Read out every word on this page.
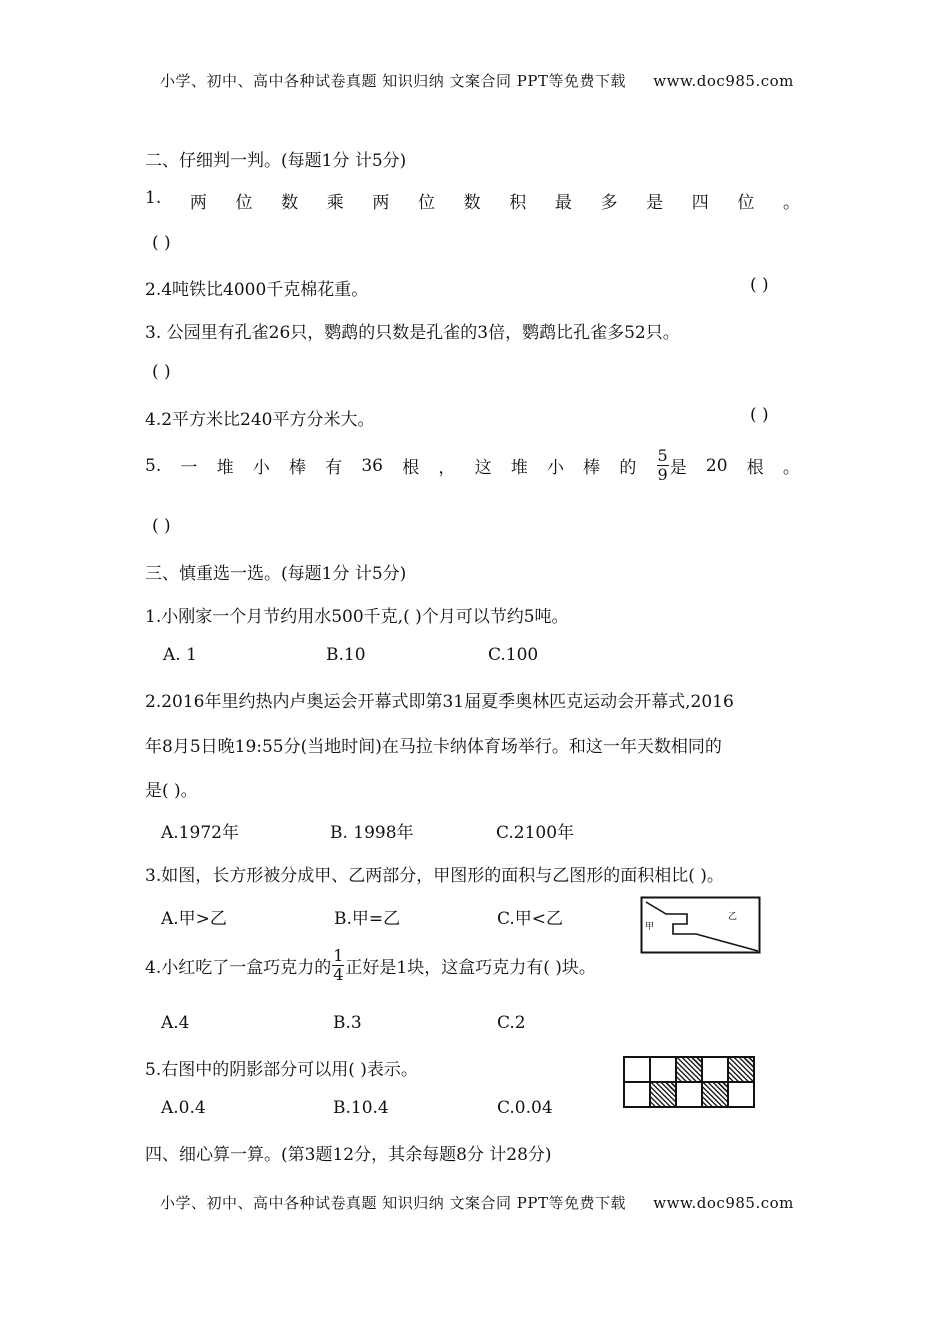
小学、初中、高中各种试卷真题 知识归纳 文案合同 PPT等免费下载 www.doc985.com
二、仔细判一判。(每题1分 计5分)
1. 两 位 数 乘 两 位 数 积 最 多 是 四 位 。
( )
2.4吨铁比4000千克棉花重。	( )
3. 公园里有孔雀26只，鹦鹉的只数是孔雀的3倍，鹦鹉比孔雀多52只。
( )
4.2平方米比240平方分米大。	( )
5. 一 堆 小 棒 有 36 根 ， 这 堆 小 棒 的 $\frac{5}{9}$ 是 20 根 。
( )
三、慎重选一选。(每题1分 计5分)
1.小刚家一个月节约用水500千克,( )个月可以节约5吨。
A. 1	B.10	C.100
2.2016年里约热内卢奥运会开幕式即第31届夏季奥林匹克运动会开幕式,2016
年8月5日晚19:55分(当地时间)在马拉卡纳体育场举行。和这一年天数相同的
是( )。
A.1972年	B. 1998年	C.2100年
3.如图，长方形被分成甲、乙两部分，甲图形的面积与乙图形的面积相比( )。
A.甲>乙	B.甲=乙	C.甲<乙	甲
乙
4.小红吃了一盒巧克力的 $\frac{1}{4}$ 正好是1块，这盒巧克力有( )块。
A.4	B.3	C.2
5.右图中的阴影部分可以用( )表示。
A.0.4	B.10.4	C.0.04

四、细心算一算。(第3题12分，其余每题8分 计28分)
小学、初中、高中各种试卷真题 知识归纳 文案合同 PPT等免费下载 www.doc985.com
